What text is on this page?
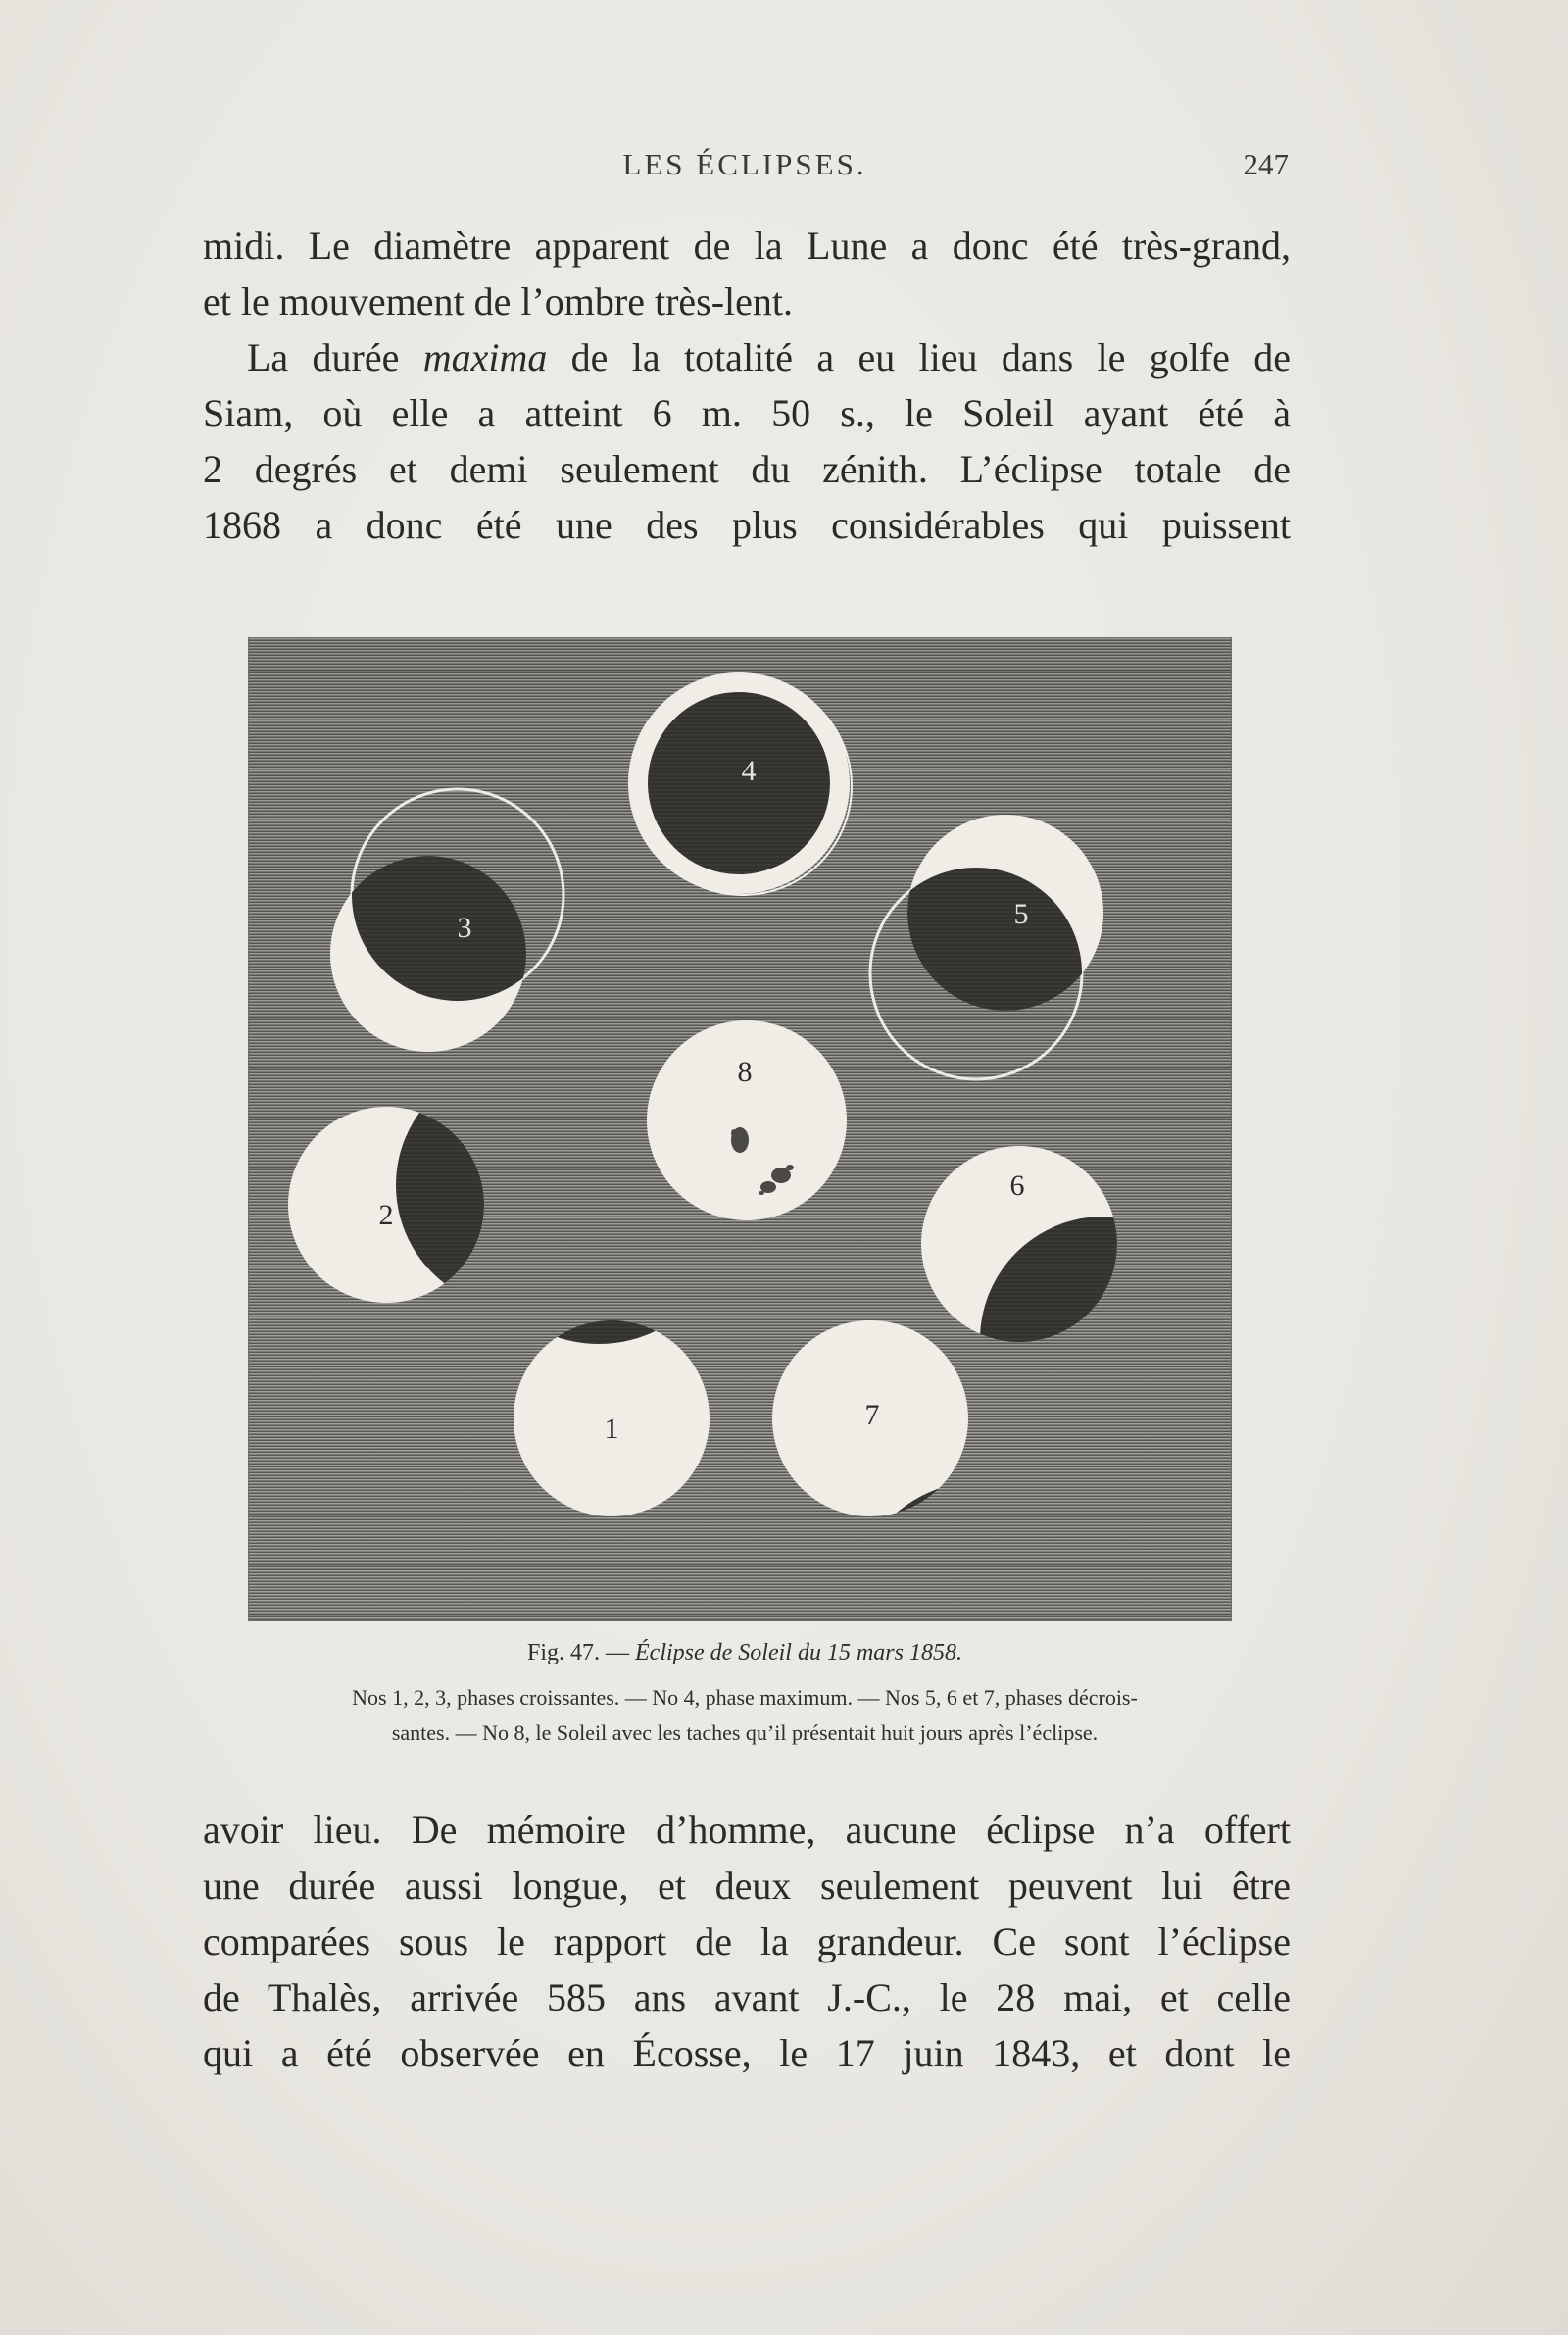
LES ÉCLIPSES.	247

midi. Le diamètre apparent de la Lune a donc été très-grand,
et le mouvement de l’ombre très-lent.

La durée maxima de la totalité a eu lieu dans le golfe de
Siam, où elle a atteint 6 m. 50 s., le Soleil ayant été à
2 degrés et demi seulement du zénith. L’éclipse totale de
1868 a donc été une des plus considérables qui puissent

1
2
3
4
5
6
7
8
Fig. 47. — Éclipse de Soleil du 15 mars 1858.
Nos 1, 2, 3, phases croissantes. — No 4, phase maximum. — Nos 5, 6 et 7, phases décrois-
santes. — No 8, le Soleil avec les taches qu’il présentait huit jours après l’éclipse.

avoir lieu. De mémoire d’homme, aucune éclipse n’a offert
une durée aussi longue, et deux seulement peuvent lui être
comparées sous le rapport de la grandeur. Ce sont l’éclipse
de Thalès, arrivée 585 ans avant J.-C., le 28 mai, et celle
qui a été observée en Écosse, le 17 juin 1843, et dont le
